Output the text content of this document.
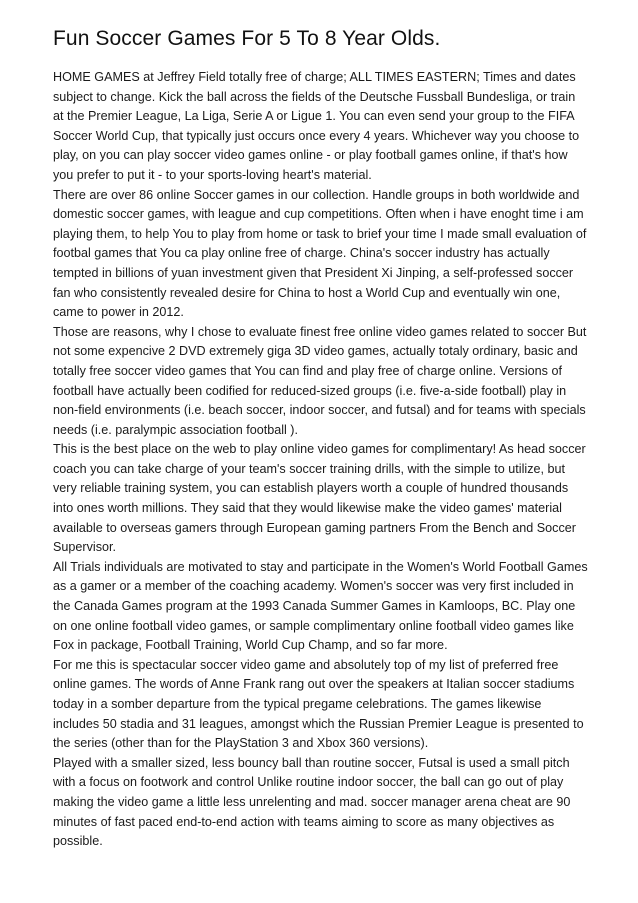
Fun Soccer Games For 5 To 8 Year Olds.

HOME GAMES at Jeffrey Field totally free of charge; ALL TIMES EASTERN; Times and dates subject to change. Kick the ball across the fields of the Deutsche Fussball Bundesliga, or train at the Premier League, La Liga, Serie A or Ligue 1. You can even send your group to the FIFA Soccer World Cup, that typically just occurs once every 4 years. Whichever way you choose to play, on you can play soccer video games online - or play football games online, if that's how you prefer to put it - to your sports-loving heart's material.

There are over 86 online Soccer games in our collection. Handle groups in both worldwide and domestic soccer games, with league and cup competitions. Often when i have enoght time i am playing them, to help You to play from home or task to brief your time I made small evaluation of footbal games that You ca play online free of charge. China's soccer industry has actually tempted in billions of yuan investment given that President Xi Jinping, a self-professed soccer fan who consistently revealed desire for China to host a World Cup and eventually win one, came to power in 2012.

Those are reasons, why I chose to evaluate finest free online video games related to soccer But not some expencive 2 DVD extremely giga 3D video games, actually totaly ordinary, basic and totally free soccer video games that You can find and play free of charge online. Versions of football have actually been codified for reduced-sized groups (i.e. five-a-side football) play in non-field environments (i.e. beach soccer, indoor soccer, and futsal) and for teams with specials needs (i.e. paralympic association football ).

This is the best place on the web to play online video games for complimentary! As head soccer coach you can take charge of your team's soccer training drills, with the simple to utilize, but very reliable training system, you can establish players worth a couple of hundred thousands into ones worth millions. They said that they would likewise make the video games' material available to overseas gamers through European gaming partners From the Bench and Soccer Supervisor.

All Trials individuals are motivated to stay and participate in the Women's World Football Games as a gamer or a member of the coaching academy. Women's soccer was very first included in the Canada Games program at the 1993 Canada Summer Games in Kamloops, BC. Play one on one online football video games, or sample complimentary online football video games like Fox in package, Football Training, World Cup Champ, and so far more.

For me this is spectacular soccer video game and absolutely top of my list of preferred free online games. The words of Anne Frank rang out over the speakers at Italian soccer stadiums today in a somber departure from the typical pregame celebrations. The games likewise includes 50 stadia and 31 leagues, amongst which the Russian Premier League is presented to the series (other than for the PlayStation 3 and Xbox 360 versions).

Played with a smaller sized, less bouncy ball than routine soccer, Futsal is used a small pitch with a focus on footwork and control Unlike routine indoor soccer, the ball can go out of play making the video game a little less unrelenting and mad. soccer manager arena cheat are 90 minutes of fast paced end-to-end action with teams aiming to score as many objectives as possible.
